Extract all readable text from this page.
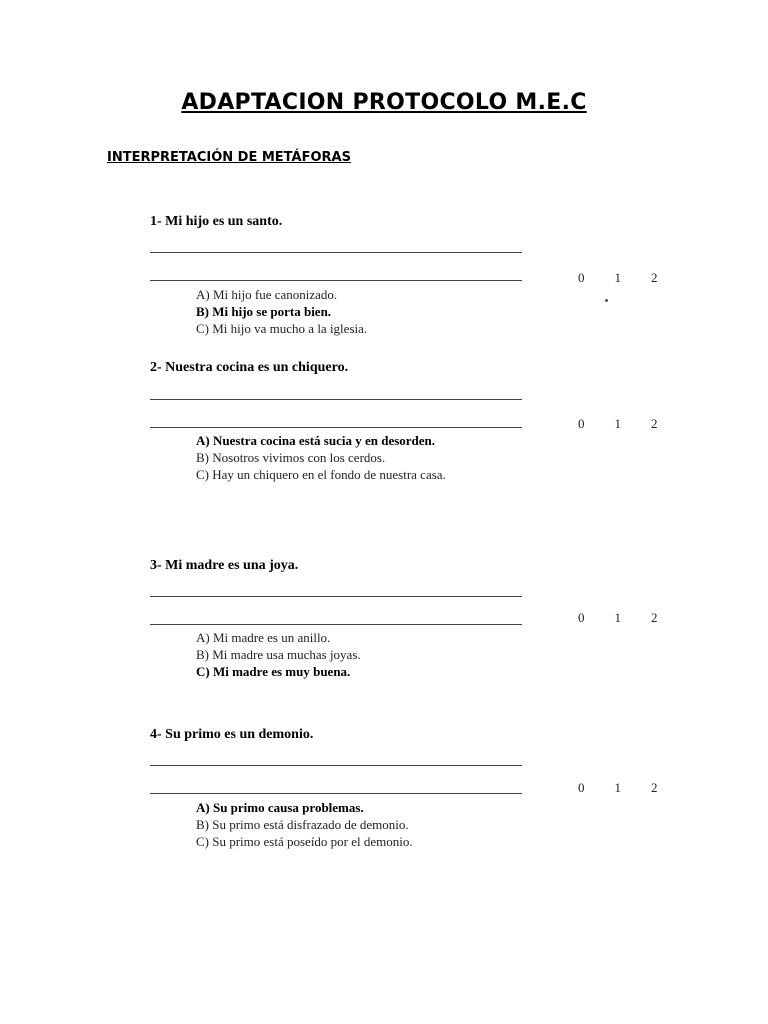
ADAPTACION PROTOCOLO M.E.C
INTERPRETACIÓN DE METÁFORAS
1- Mi hijo es un santo.
0 1 2
A) Mi hijo fue canonizado.
B) Mi hijo se porta bien.
C) Mi hijo va mucho a la iglesia.
2- Nuestra cocina es un chiquero.
0 1 2
A) Nuestra cocina está sucia y en desorden.
B) Nosotros vivimos con los cerdos.
C) Hay un chiquero en el fondo de nuestra casa.
3- Mi madre es una joya.
0 1 2
A) Mi madre es un anillo.
B) Mi madre usa muchas joyas.
C) Mi madre es muy buena.
4- Su primo es un demonio.
0 1 2
A) Su primo causa problemas.
B) Su primo está disfrazado de demonio.
C) Su primo está poseído por el demonio.
